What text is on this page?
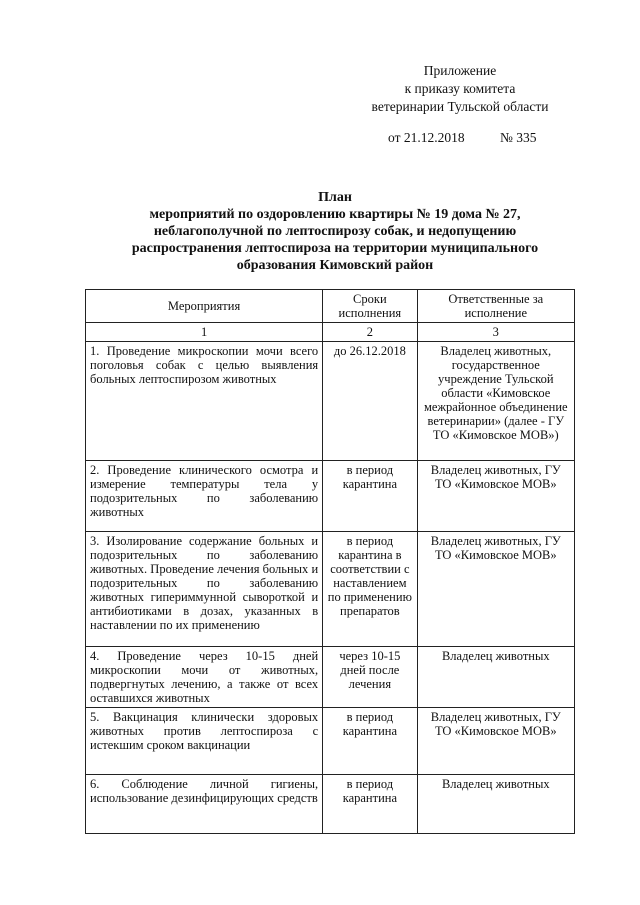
Приложение
к приказу комитета
ветеринарии Тульской области
от 21.12.2018	№ 335
План
мероприятий по оздоровлению квартиры № 19 дома № 27,
неблагополучной по лептоспирозу собак, и недопущению
распространения лептоспироза на территории муниципального
образования Кимовский район
Мероприятия	Сроки исполнения	Ответственные за исполнение
1	2	3
1. Проведение микроскопии мочи всего поголовья собак с целью выявления больных лептоспирозом животных	до 26.12.2018	Владелец животных, государственное учреждение Тульской области «Кимовское межрайонное объединение ветеринарии» (далее - ГУ ТО «Кимовское МОВ»)
2. Проведение клинического осмотра и измерение температуры тела у подозрительных по заболеванию животных	в период карантина	Владелец животных, ГУ ТО «Кимовское МОВ»
3. Изолирование содержание больных и подозрительных по заболеванию животных. Проведение лечения больных и подозрительных по заболеванию животных гипериммунной сывороткой и антибиотиками в дозах, указанных в наставлении по их применению	в период карантина в соответствии с наставлением по применению препаратов	Владелец животных, ГУ ТО «Кимовское МОВ»
4. Проведение через 10-15 дней микроскопии мочи от животных, подвергнутых лечению, а также от всех оставшихся животных	через 10-15 дней после лечения	Владелец животных
5. Вакцинация клинически здоровых животных против лептоспироза с истекшим сроком вакцинации	в период карантина	Владелец животных, ГУ ТО «Кимовское МОВ»
6. Соблюдение личной гигиены, использование дезинфицирующих средств	в период карантина	Владелец животных
